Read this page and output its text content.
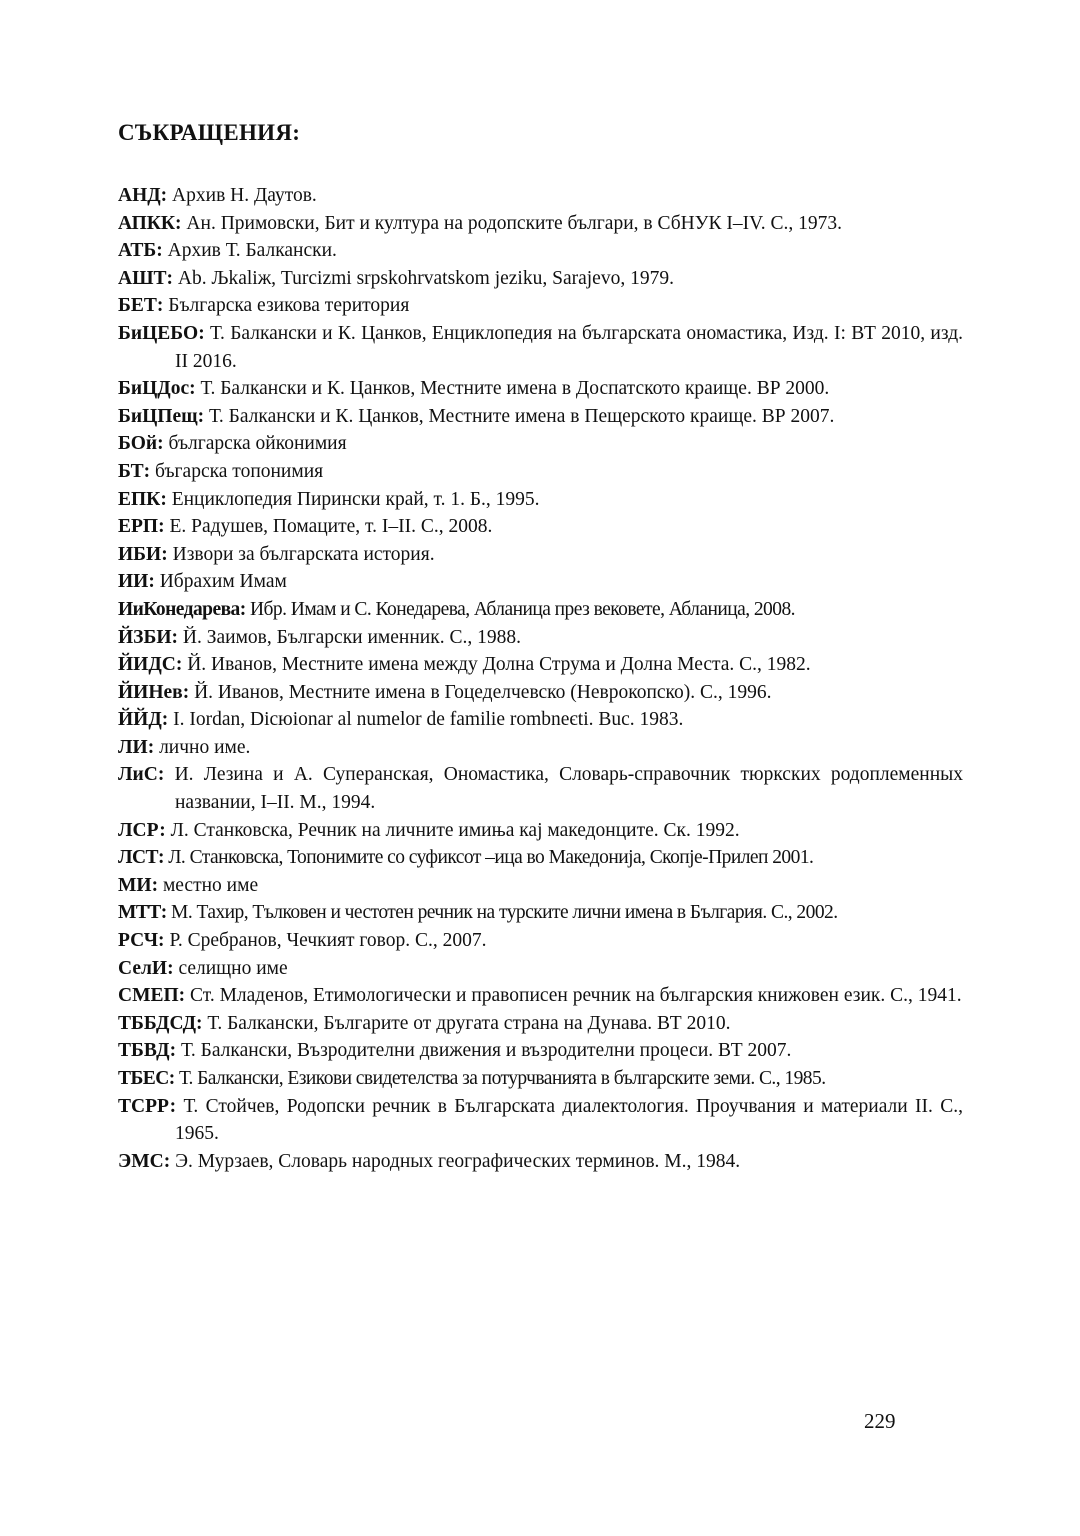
СЪКРАЩЕНИЯ:
АНД: Архив Н. Даутов.
АПКК: Ан. Примовски, Бит и култура на родопските българи, в СбНУК I–IV. С., 1973.
АТБ: Архив Т. Балкански.
АШТ: Ab. Љkaliж, Turcizmi srpskohrvatskom jeziku, Sarajevo, 1979.
БЕТ: Българска езикова територия
БиЦЕБО: Т. Балкански и К. Цанков, Енциклопедия на българската ономастика, Изд. I: ВТ 2010, изд. II 2016.
БиЦДос: Т. Балкански и К. Цанков, Местните имена в Доспатското краище. ВР 2000.
БиЦПещ: Т. Балкански и К. Цанков, Местните имена в Пещерското краище. ВР 2007.
БОй: българска ойконимия
БТ: бъгарска топонимия
ЕПК: Енциклопедия Пирински край, т. 1. Б., 1995.
ЕРП: Е. Радушев, Помаците, т. I–II. С., 2008.
ИБИ: Извори за българската история.
ИИ: Ибрахим Имам
ИиКонедарева: Ибр. Имам и С. Конедарева, Абланица през вековете, Абланица, 2008.
ЙЗБИ: Й. Заимов, Български именник. С., 1988.
ЙИДС: Й. Иванов, Местните имена между Долна Струма и Долна Места. С., 1982.
ЙИНев: Й. Иванов, Местните имена в Гоцеделчевско (Неврокопско). С., 1996.
ЙЙД: I. Iordan, Dicюionar al numelor de familie rombneєti. Buc. 1983.
ЛИ: лично име.
ЛиС: И. Лезина и А. Суперанская, Ономастика, Словарь-справочник тюркских родоплеменных названии, I–II. М., 1994.
ЛСР: Л. Станковска, Речник на личните имиња кај македонците. Ск. 1992.
ЛСТ: Л. Станковска, Топонимите со суфиксот –ица во Македонија, Скопје-Прилеп 2001.
МИ: местно име
МТТ: М. Тахир, Тълковен и честотен речник на турските лични имена в България. С., 2002.
РСЧ: Р. Сребранов, Чечкият говор. С., 2007.
СелИ: селищно име
СМЕП: Ст. Младенов, Етимологически и правописен речник на българския книжовен език. С., 1941.
ТББДСД: Т. Балкански, Българите от другата страна на Дунава. ВТ 2010.
ТБВД: Т. Балкански, Възродителни движения и възродителни процеси. ВТ 2007.
ТБЕС: Т. Балкански, Езикови свидетелства за потурчванията в българските земи. С., 1985.
ТСРР: Т. Стойчев, Родопски речник в Българската диалектология. Проучвания и материали II. С., 1965.
ЭМС: Э. Мурзаев, Словарь народных географических терминов. М., 1984.
229
